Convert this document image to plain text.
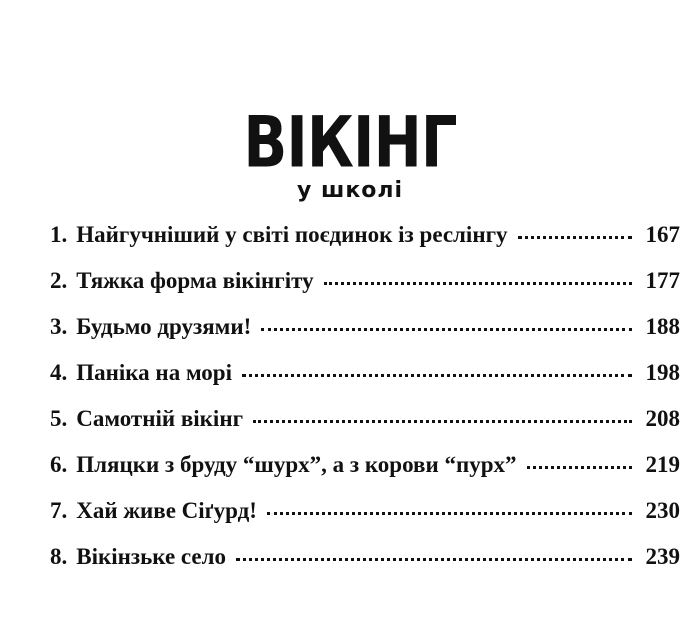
ВІКІНГ
у школі
1. Найгучніший у світі поєдинок із реслінгу	167
2. Тяжка форма вікінгіту	177
3. Будьмо друзями!	188
4. Паніка на морі	198
5. Самотній вікінг	208
6. Пляцки з бруду “шурх”, а з корови “пурх”	219
7. Хай живе Сіґурд!	230
8. Вікінзьке село	239
